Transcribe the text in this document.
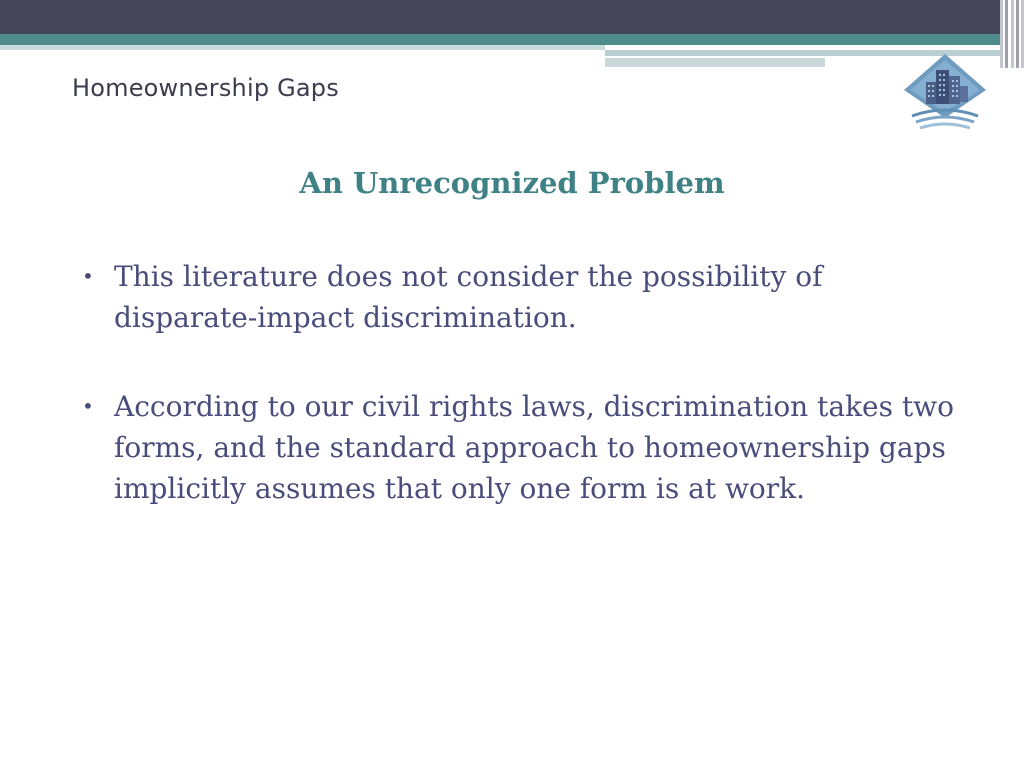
Homeownership Gaps
An Unrecognized Problem
• This literature does not consider the possibility of disparate-impact discrimination.
• According to our civil rights laws, discrimination takes two forms, and the standard approach to homeownership gaps implicitly assumes that only one form is at work.
